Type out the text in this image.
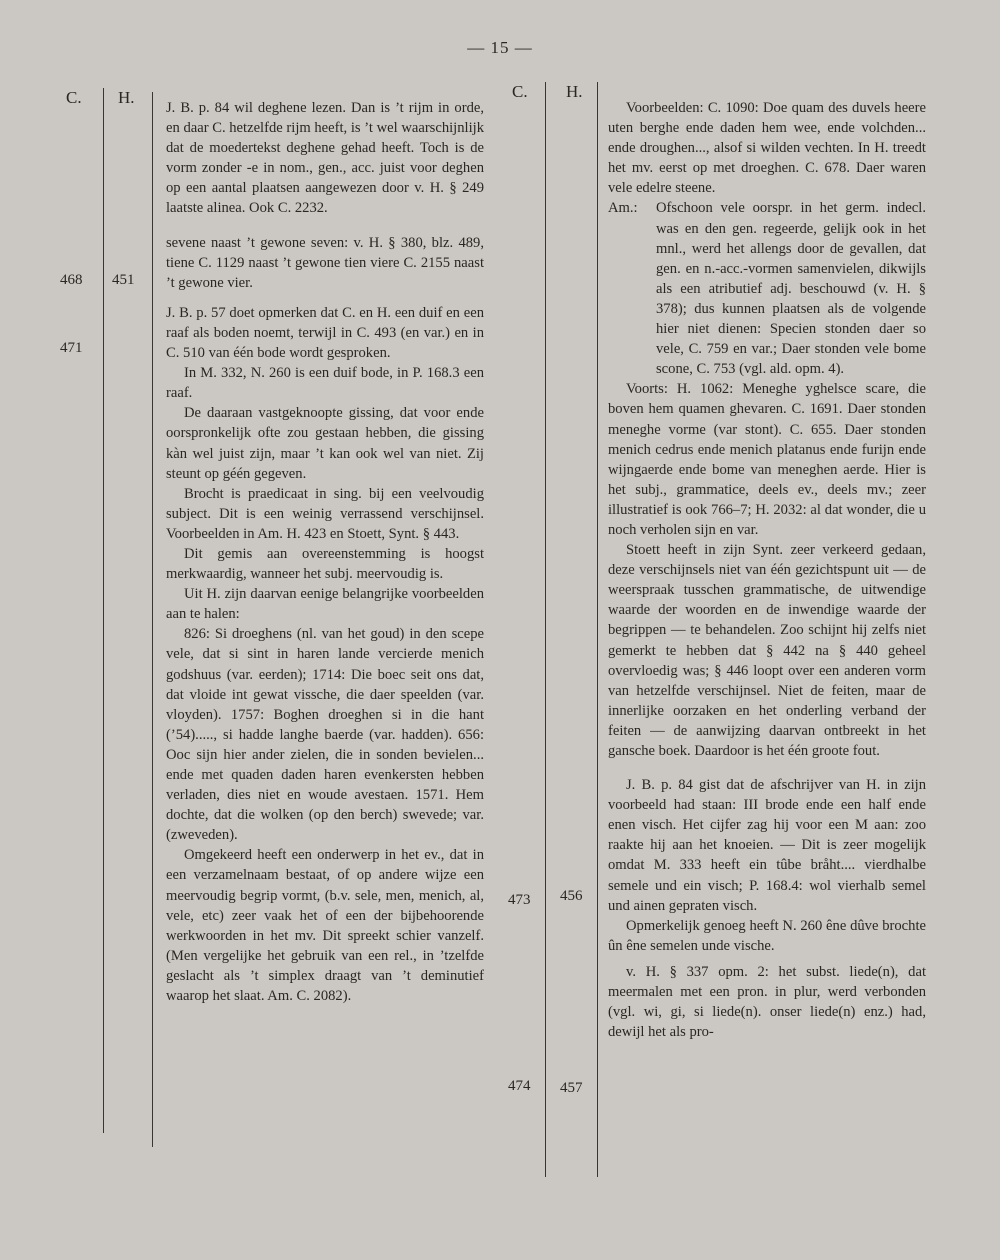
— 15 —
C. H.	C. H.
468 451
471
473 456
474 457

J. B. p. 84 wil deghene lezen. Dan is ’t rijm in orde, en daar C. hetzelfde rijm heeft, is ’t wel waarschijnlijk dat de moedertekst deghene gehad heeft. Toch is de vorm zonder -e in nom., gen., acc. juist voor deghen op een aantal plaatsen aangewezen door v. H. § 249 laatste alinea. Ook C. 2232.

sevene naast ’t gewone seven: v. H. § 380, blz. 489, tiene C. 1129 naast ’t gewone tien viere C. 2155 naast ’t gewone vier.

J. B. p. 57 doet opmerken dat C. en H. een duif en een raaf als boden noemt, terwijl in C. 493 (en var.) en in C. 510 van één bode wordt gesproken.

In M. 332, N. 260 is een duif bode, in P. 168.3 een raaf.

De daaraan vastgeknoopte gissing, dat voor ende oorspronkelijk ofte zou gestaan hebben, die gissing kàn wel juist zijn, maar ’t kan ook wel van niet. Zij steunt op géén gegeven.

Brocht is praedicaat in sing. bij een veelvoudig subject. Dit is een weinig verrassend verschijnsel. Voorbeelden in Am. H. 423 en Stoett, Synt. § 443.

Dit gemis aan overeenstemming is hoogst merkwaardig, wanneer het subj. meervoudig is.

Uit H. zijn daarvan eenige belangrijke voorbeelden aan te halen:

826: Si droeghens (nl. van het goud) in den scepe vele, dat si sint in haren lande vercierde menich godshuus (var. eerden); 1714: Die boec seit ons dat, dat vloide int gewat vissche, die daer speelden (var. vloyden). 1757: Boghen droeghen si in die hant (’54)....., si hadde langhe baerde (var. hadden). 656: Ooc sijn hier ander zielen, die in sonden bevielen... ende met quaden daden haren evenkersten hebben verladen, dies niet en woude avestaen. 1571. Hem dochte, dat die wolken (op den berch) swevede; var. (zweveden).

Omgekeerd heeft een onderwerp in het ev., dat in een verzamelnaam bestaat, of op andere wijze een meervoudig begrip vormt, (b.v. sele, men, menich, al, vele, etc) zeer vaak het of een der bijbehoorende werkwoorden in het mv. Dit spreekt schier vanzelf. (Men vergelijke het gebruik van een rel., in ’tzelfde geslacht als ’t simplex draagt van ’t deminutief waarop het slaat. Am. C. 2082).

Voorbeelden: C. 1090: Doe quam des duvels heere uten berghe ende daden hem wee, ende volchden... ende droughen..., alsof si wilden vechten. In H. treedt het mv. eerst op met droeghen. C. 678. Daer waren vele edelre steene.

Am.:	Ofschoon vele oorspr. in het germ. indecl. was en den gen. regeerde, gelijk ook in het mnl., werd het allengs door de gevallen, dat gen. en n.-acc.-vormen samenvielen, dikwijls als een atributief adj. beschouwd (v. H. § 378); dus kunnen plaatsen als de volgende hier niet dienen: Specien stonden daer so vele, C. 759 en var.; Daer stonden vele bome scone, C. 753 (vgl. ald. opm. 4).

Voorts: H. 1062: Meneghe yghelsce scare, die boven hem quamen ghevaren. C. 1691. Daer stonden meneghe vorme (var stont). C. 655. Daer stonden menich cedrus ende menich platanus ende furijn ende wijngaerde ende bome van meneghen aerde. Hier is het subj., grammatice, deels ev., deels mv.; zeer illustratief is ook 766–7; H. 2032: al dat wonder, die u noch verholen sijn en var.

Stoett heeft in zijn Synt. zeer verkeerd gedaan, deze verschijnsels niet van één gezichtspunt uit — de weerspraak tusschen grammatische, de uitwendige waarde der woorden en de inwendige waarde der begrippen — te behandelen. Zoo schijnt hij zelfs niet gemerkt te hebben dat § 442 na § 440 geheel overvloedig was; § 446 loopt over een anderen vorm van hetzelfde verschijnsel. Niet de feiten, maar de innerlijke oorzaken en het onderling verband der feiten — de aanwijzing daarvan ontbreekt in het gansche boek. Daardoor is het één groote fout.

J. B. p. 84 gist dat de afschrijver van H. in zijn voorbeeld had staan: III brode ende een half ende enen visch. Het cijfer zag hij voor een M aan: zoo raakte hij aan het knoeien. — Dit is zeer mogelijk omdat M. 333 heeft ein tûbe bråht.... vierdhalbe semele und ein visch; P. 168.4: wol vierhalb semel und ainen gepraten visch.

Opmerkelijk genoeg heeft N. 260 êne dûve brochte ûn êne semelen unde vische.

v. H. § 337 opm. 2: het subst. liede(n), dat meermalen met een pron. in plur, werd verbonden (vgl. wi, gi, si liede(n). onser liede(n) enz.) had, dewijl het als pro-
